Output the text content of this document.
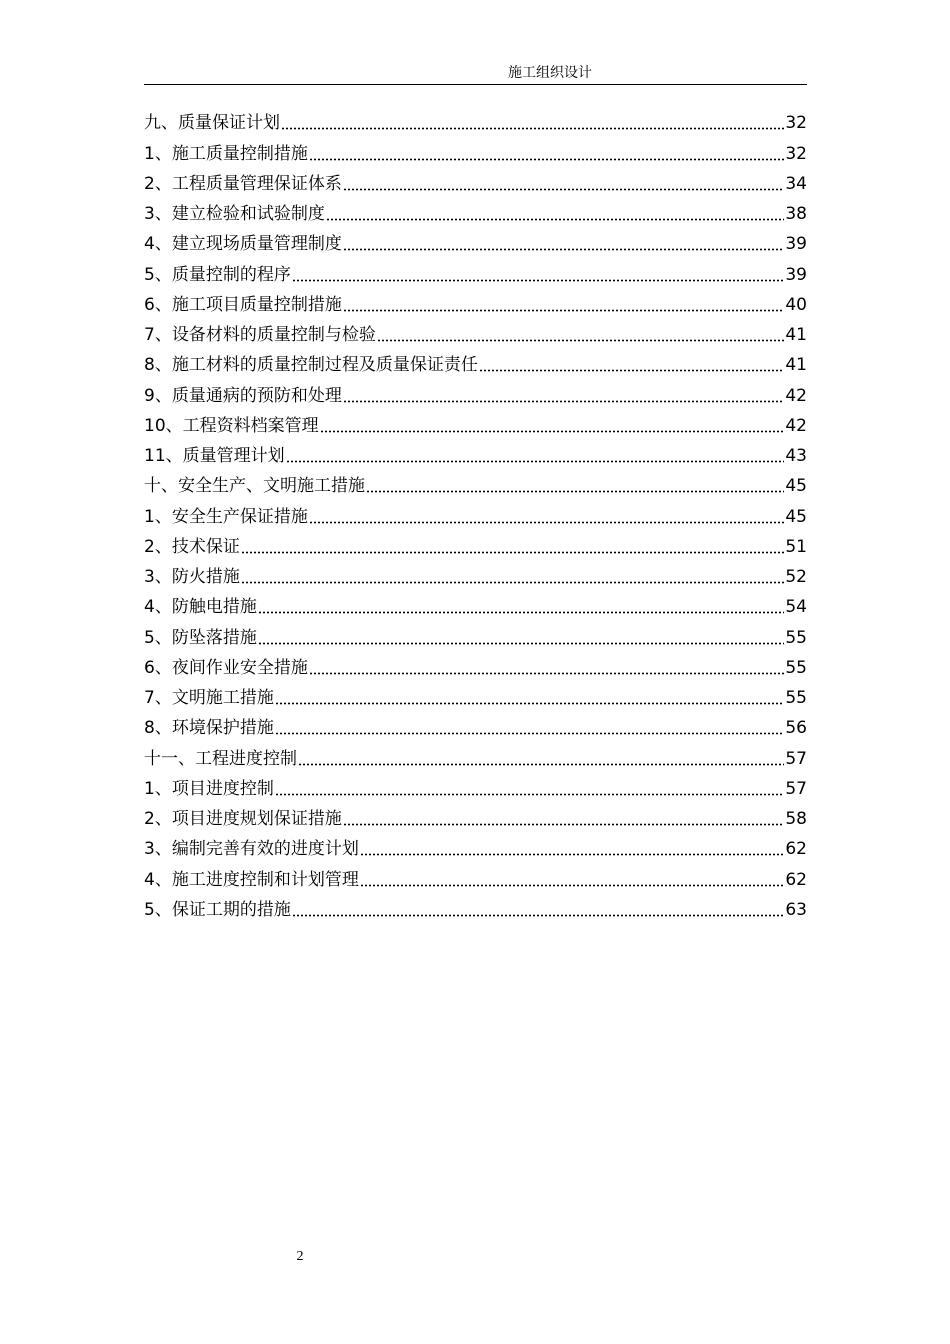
施工组织设计
九、质量保证计划	32
1、施工质量控制措施	32
2、工程质量管理保证体系	34
3、建立检验和试验制度	38
4、建立现场质量管理制度	39
5、质量控制的程序	39
6、施工项目质量控制措施	40
7、设备材料的质量控制与检验	41
8、施工材料的质量控制过程及质量保证责任	41
9、质量通病的预防和处理	42
10、工程资料档案管理	42
11、质量管理计划	43
十、安全生产、文明施工措施	45
1、安全生产保证措施	45
2、技术保证	51
3、防火措施	52
4、防触电措施	54
5、防坠落措施	55
6、夜间作业安全措施	55
7、文明施工措施	55
8、环境保护措施	56
十一、工程进度控制	57
1、项目进度控制	57
2、项目进度规划保证措施	58
3、编制完善有效的进度计划	62
4、施工进度控制和计划管理	62
5、保证工期的措施	63
2
